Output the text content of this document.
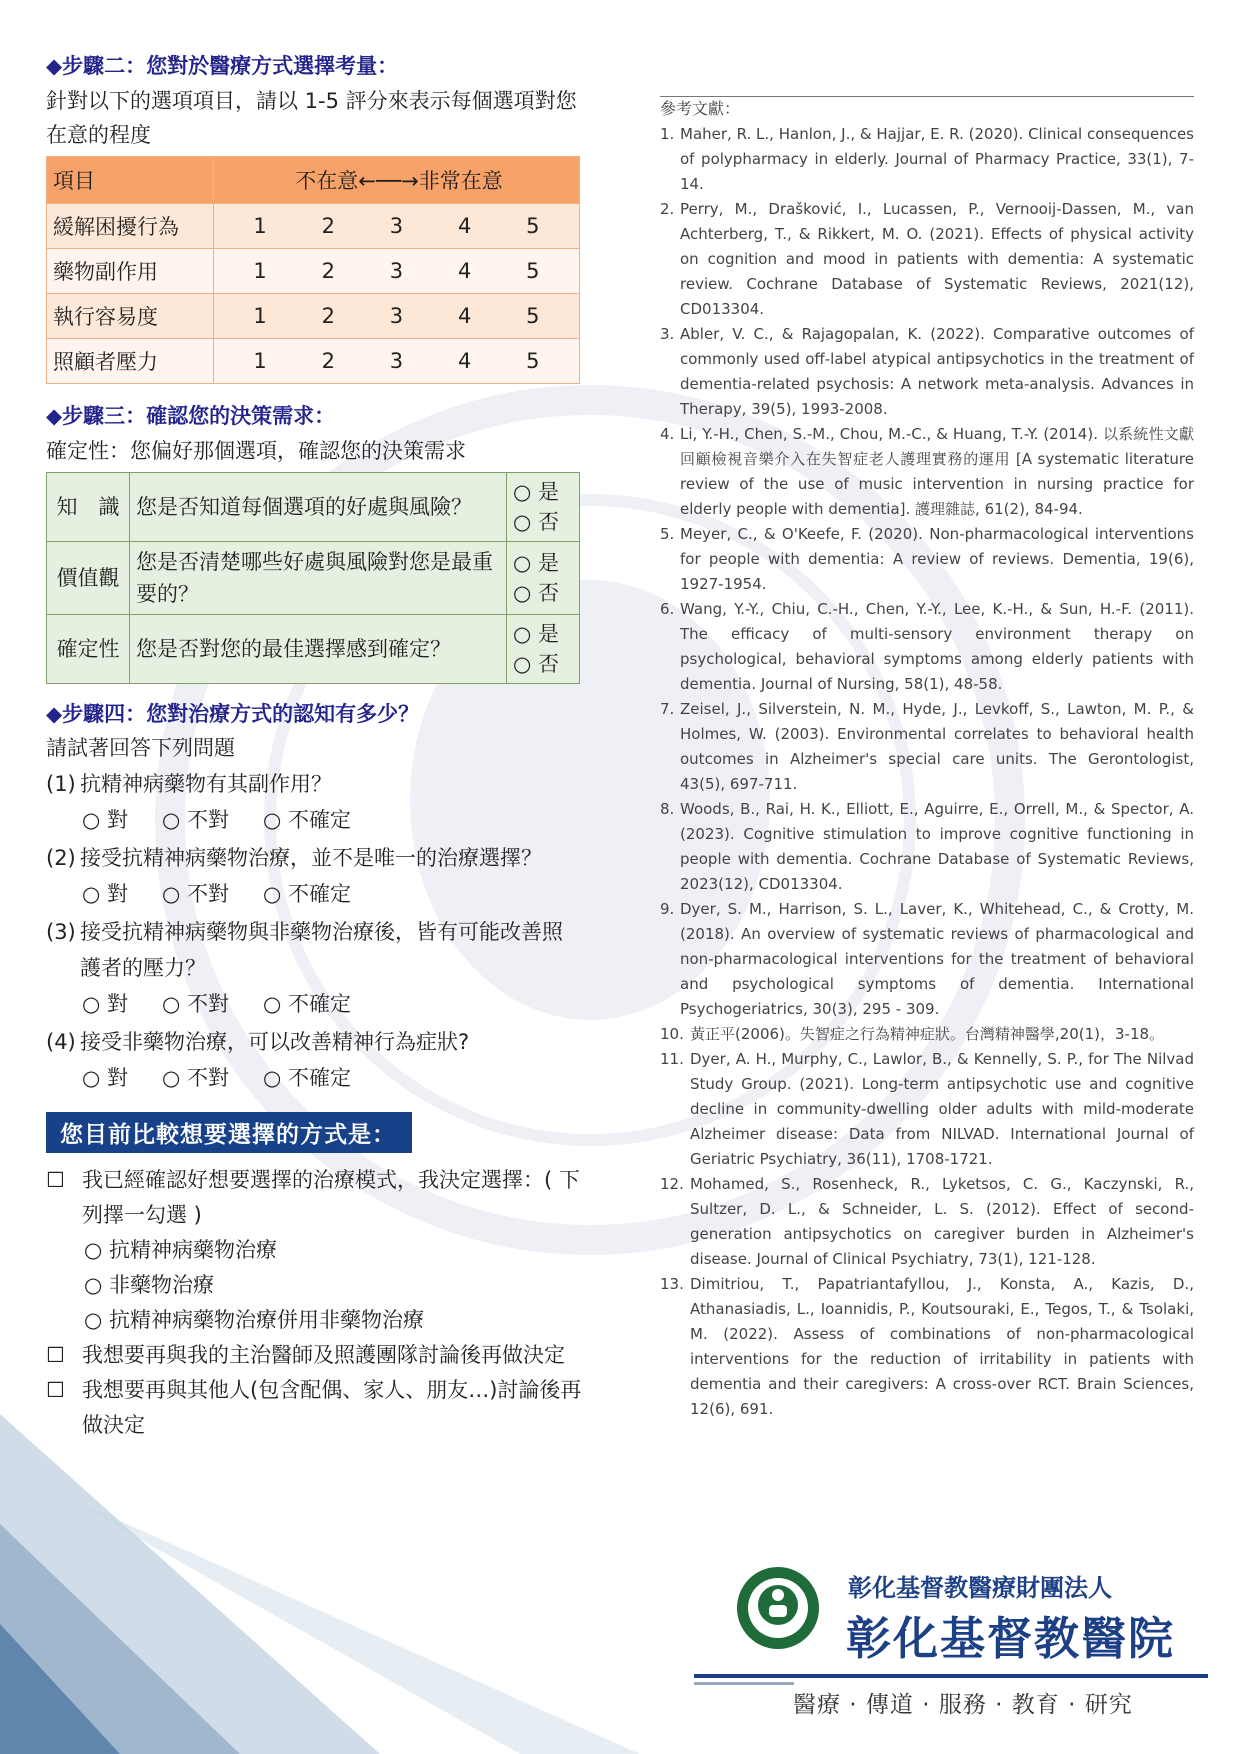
◆步驟二：您對於醫療方式選擇考量：

針對以下的選項項目，請以 1-5 評分來表示每個選項對您在意的程度

項目	不在意←──→非常在意
緩解困擾行為	1 2 3 4 5

藥物副作用	1 2 3 4 5

執行容易度	1 2 3 4 5

照顧者壓力	1 2 3 4 5
◆步驟三：確認您的決策需求：

確定性：您偏好那個選項，確認您的決策需求

知　識	您是否知道每個選項的好處與風險？	○ 是
○ 否

價值觀	您是否清楚哪些好處與風險對您是最重要的？	○ 是
○ 否

確定性	您是否對您的最佳選擇感到確定？	○ 是
○ 否
◆步驟四：您對治療方式的認知有多少？

請試著回答下列問題

(1) 抗精神病藥物有其副作用？
○ 對 ○ 不對 ○ 不確定
(2) 接受抗精神病藥物治療，並不是唯一的治療選擇？
○ 對 ○ 不對 ○ 不確定
(3) 接受抗精神病藥物與非藥物治療後，皆有可能改善照護者的壓力？
○ 對 ○ 不對 ○ 不確定
(4) 接受非藥物治療，可以改善精神行為症狀?
○ 對 ○ 不對 ○ 不確定
您目前比較想要選擇的方式是：
☐ 我已經確認好想要選擇的治療模式，我決定選擇：( 下列擇一勾選 )
○ 抗精神病藥物治療
○ 非藥物治療
○ 抗精神病藥物治療併用非藥物治療
☐ 我想要再與我的主治醫師及照護團隊討論後再做決定
☐ 我想要再與其他人(包含配偶、家人、朋友…)討論後再做決定

參考文獻：

1. Maher, R. L., Hanlon, J., & Hajjar, E. R. (2020). Clinical consequences of polypharmacy in elderly. Journal of Pharmacy Practice, 33(1), 7-14.
2. Perry, M., Drašković, I., Lucassen, P., Vernooij-Dassen, M., van Achterberg, T., & Rikkert, M. O. (2021). Effects of physical activity on cognition and mood in patients with dementia: A systematic review. Cochrane Database of Systematic Reviews, 2021(12), CD013304.
3. Abler, V. C., & Rajagopalan, K. (2022). Comparative outcomes of commonly used off-label atypical antipsychotics in the treatment of dementia-related psychosis: A network meta-analysis. Advances in Therapy, 39(5), 1993-2008.
4. Li, Y.-H., Chen, S.-M., Chou, M.-C., & Huang, T.-Y. (2014). 以系統性文獻回顧檢視音樂介入在失智症老人護理實務的運用 [A systematic literature review of the use of music intervention in nursing practice for elderly people with dementia]. 護理雜誌, 61(2), 84-94.
5. Meyer, C., & O'Keefe, F. (2020). Non-pharmacological interventions for people with dementia: A review of reviews. Dementia, 19(6), 1927-1954.
6. Wang, Y.-Y., Chiu, C.-H., Chen, Y.-Y., Lee, K.-H., & Sun, H.-F. (2011). The efficacy of multi-sensory environment therapy on psychological, behavioral symptoms among elderly patients with dementia. Journal of Nursing, 58(1), 48-58.
7. Zeisel, J., Silverstein, N. M., Hyde, J., Levkoff, S., Lawton, M. P., & Holmes, W. (2003). Environmental correlates to behavioral health outcomes in Alzheimer's special care units. The Gerontologist, 43(5), 697-711.
8. Woods, B., Rai, H. K., Elliott, E., Aguirre, E., Orrell, M., & Spector, A. (2023). Cognitive stimulation to improve cognitive functioning in people with dementia. Cochrane Database of Systematic Reviews, 2023(12), CD013304.
9. Dyer, S. M., Harrison, S. L., Laver, K., Whitehead, C., & Crotty, M. (2018). An overview of systematic reviews of pharmacological and non-pharmacological interventions for the treatment of behavioral and psychological symptoms of dementia. International Psychogeriatrics, 30(3), 295 - 309.
10. 黃正平(2006)。失智症之行為精神症狀。台灣精神醫學,20(1)，3-18。
11. Dyer, A. H., Murphy, C., Lawlor, B., & Kennelly, S. P., for The Nilvad Study Group. (2021). Long-term antipsychotic use and cognitive decline in community-dwelling older adults with mild-moderate Alzheimer disease: Data from NILVAD. International Journal of Geriatric Psychiatry, 36(11), 1708-1721.
12. Mohamed, S., Rosenheck, R., Lyketsos, C. G., Kaczynski, R., Sultzer, D. L., & Schneider, L. S. (2012). Effect of second-generation antipsychotics on caregiver burden in Alzheimer's disease. Journal of Clinical Psychiatry, 73(1), 121-128.
13. Dimitriou, T., Papatriantafyllou, J., Konsta, A., Kazis, D., Athanasiadis, L., Ioannidis, P., Koutsouraki, E., Tegos, T., & Tsolaki, M. (2022). Assess of combinations of non-pharmacological interventions for the reduction of irritability in patients with dementia and their caregivers: A cross-over RCT. Brain Sciences, 12(6), 691.
彰化基督教醫療財團法人
彰化基督教醫院
醫療 · 傳道 · 服務 · 教育 · 研究
